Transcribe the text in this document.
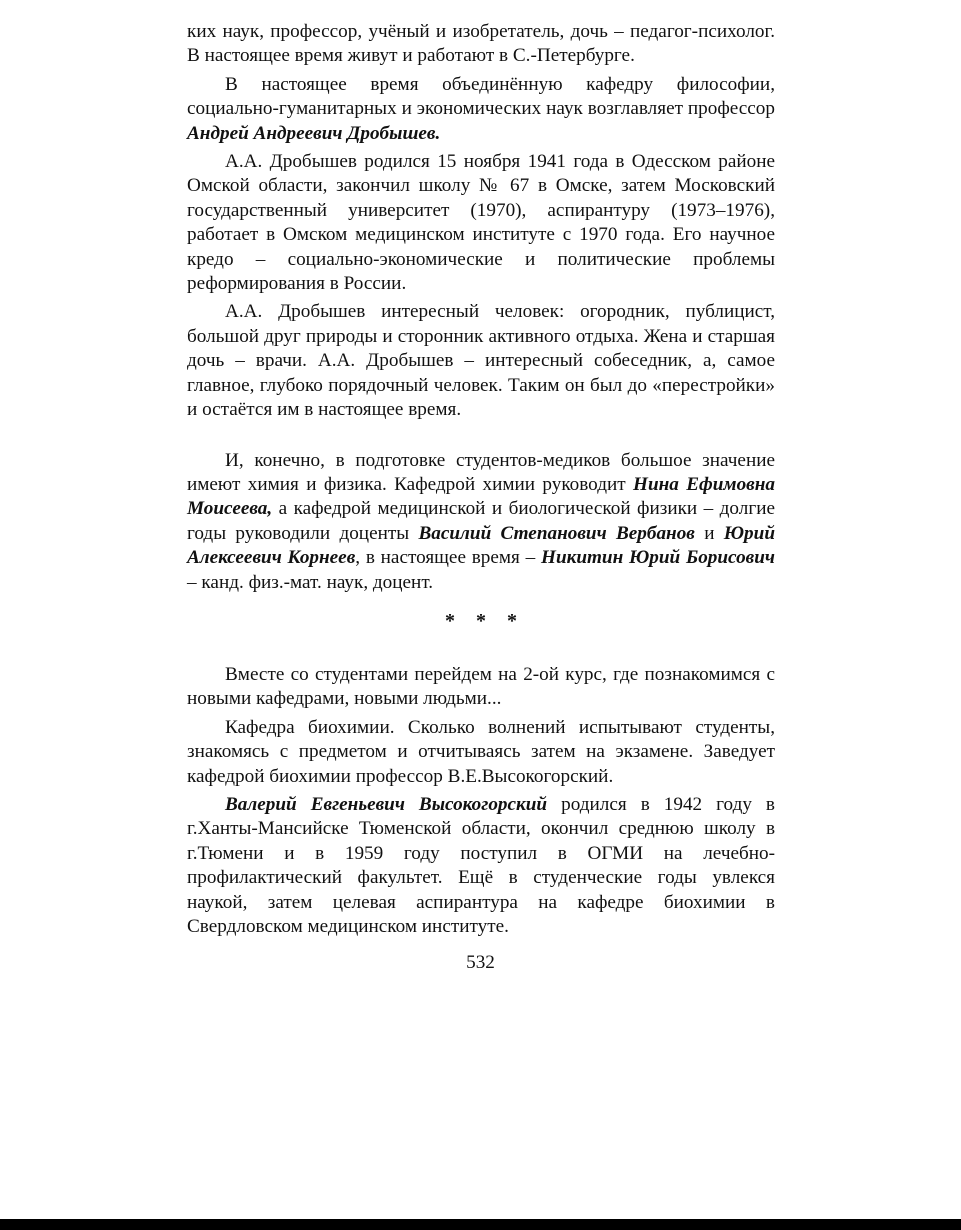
ких наук, профессор, учёный и изобретатель, дочь – педагог-психолог. В настоящее время живут и работают в С.-Петербурге.

В настоящее время объединённую кафедру философии, социально-гуманитарных и экономических наук возглавляет профессор Андрей Андреевич Дробышев.

А.А. Дробышев родился 15 ноября 1941 года в Одесском районе Омской области, закончил школу № 67 в Омске, затем Московский государственный университет (1970), аспирантуру (1973–1976), работает в Омском медицинском институте с 1970 года. Его научное кредо – социально-экономические и политические проблемы реформирования в России.

А.А. Дробышев интересный человек: огородник, публицист, большой друг природы и сторонник активного отдыха. Жена и старшая дочь – врачи. А.А. Дробышев – интересный собеседник, а, самое главное, глубоко порядочный человек. Таким он был до «перестройки» и остаётся им в настоящее время.

И, конечно, в подготовке студентов-медиков большое значение имеют химия и физика. Кафедрой химии руководит Нина Ефимовна Моисеева, а кафедрой медицинской и биологической физики – долгие годы руководили доценты Василий Степанович Вербанов и Юрий Алексеевич Корнеев, в настоящее время – Никитин Юрий Борисович – канд. физ.-мат. наук, доцент.

* * *

Вместе со студентами перейдем на 2-ой курс, где познакомимся с новыми кафедрами, новыми людьми...

Кафедра биохимии. Сколько волнений испытывают студенты, знакомясь с предметом и отчитываясь затем на экзамене. Заведует кафедрой биохимии профессор В.Е.Высокогорский.

Валерий Евгеньевич Высокогорский родился в 1942 году в г.Ханты-Мансийске Тюменской области, окончил среднюю школу в г.Тюмени и в 1959 году поступил в ОГМИ на лечебно-профилактический факультет. Ещё в студенческие годы увлекся наукой, затем целевая аспирантура на кафедре биохимии в Свердловском медицинском институте.

532
